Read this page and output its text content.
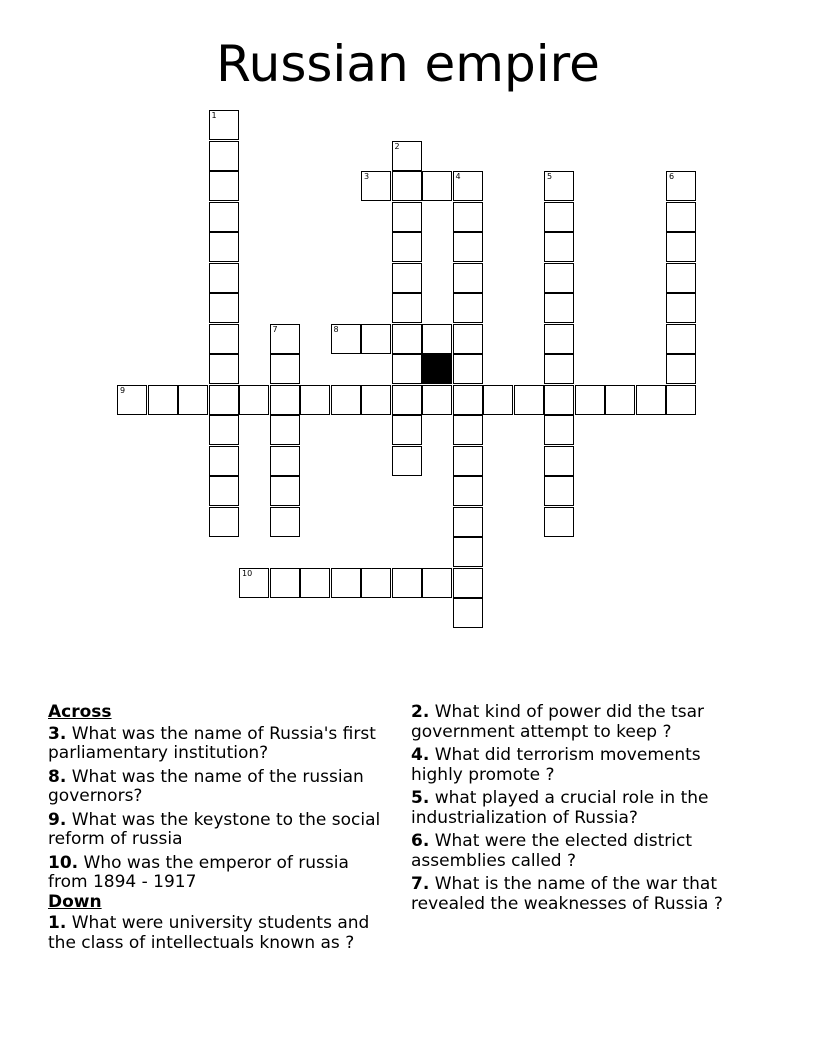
Russian empire
1
2
3	4	5	6
7	8
9
10
Across
3. What was the name of Russia's first parliamentary institution?
8. What was the name of the russian governors?
9. What was the keystone to the social reform of russia
10. Who was the emperor of russia from 1894 - 1917
Down
1. What were university students and the class of intellectuals known as ?
2. What kind of power did the tsar government attempt to keep ?
4. What did terrorism movements highly promote ?
5. what played a crucial role in the industrialization of Russia?
6. What were the elected district assemblies called ?
7. What is the name of the war that revealed the weaknesses of Russia ?
